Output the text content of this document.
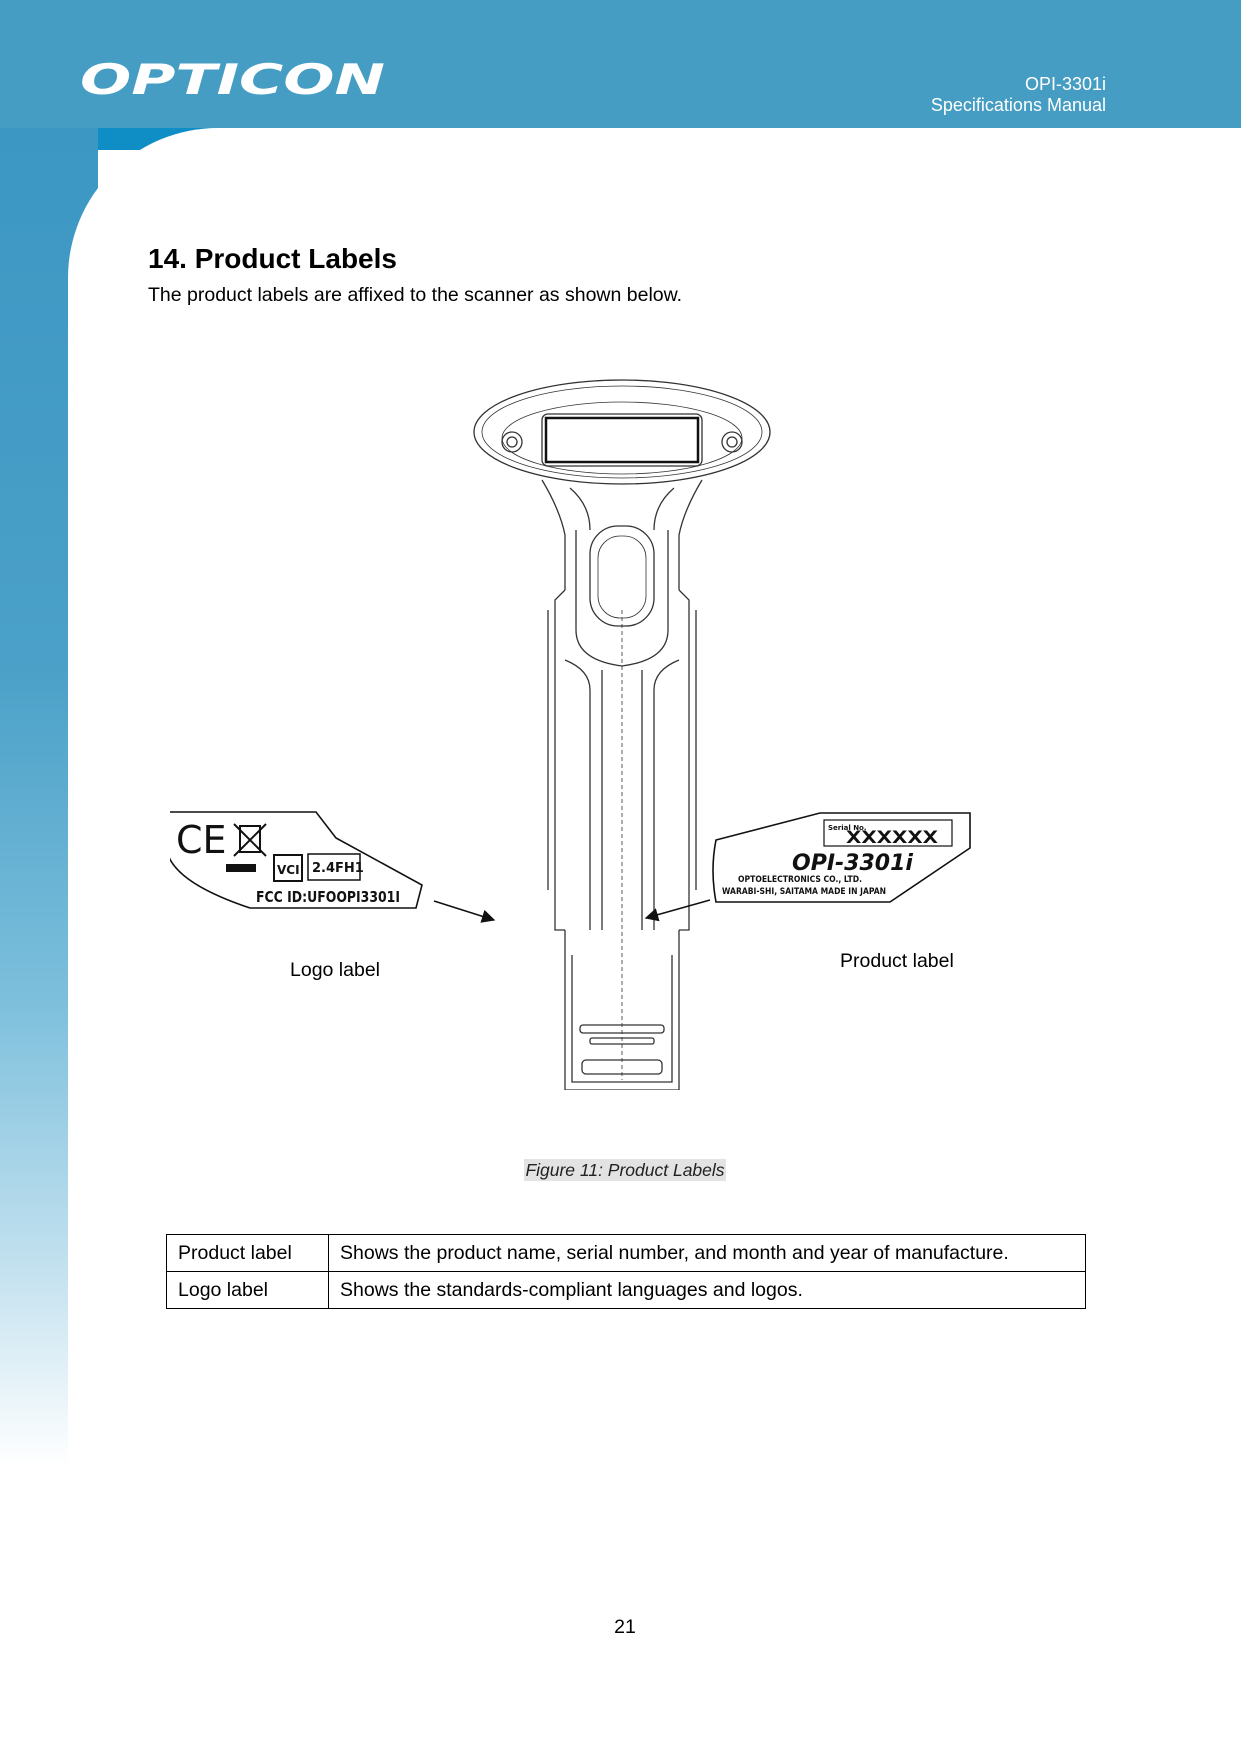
OPTICON	OPI-3301i
Specifications Manual
14. Product Labels

The product labels are affixed to the scanner as shown below.

CE
VCI 2.4FH1
FCC ID:UFOOPI3301I
Serial No.
XXXXXX
OPI-3301i
OPTOELECTRONICS CO., LTD.
WARABI-SHI, SAITAMA MADE IN JAPAN
Logo label	Product label
Figure 11: Product Labels
Product label	Shows the product name, serial number, and month and year of manufacture.
Logo label	Shows the standards-compliant languages and logos.
21
